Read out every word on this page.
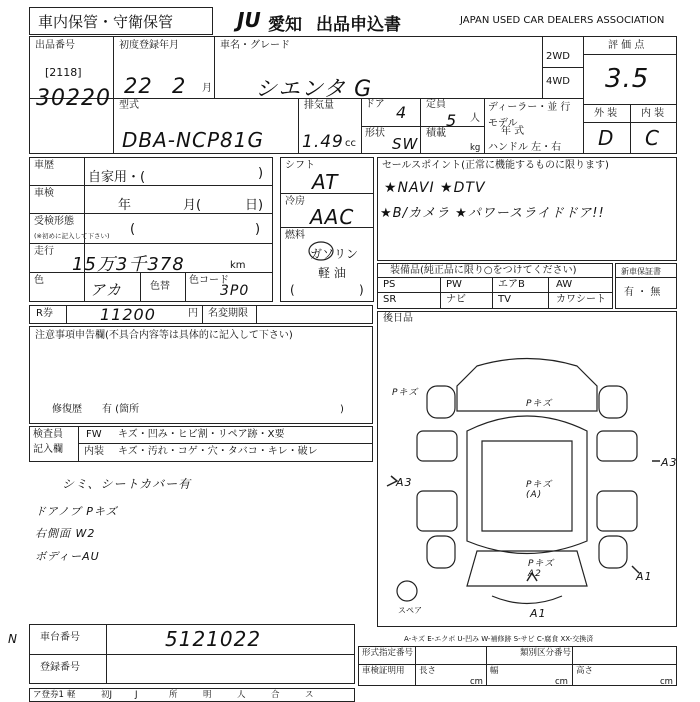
車内保管・守衛保管	JU 愛知 出品申込書	JAPAN USED CAR DEALERS ASSOCIATION
出品番号
[2118]
30220
初度登録年月
22 2 月
車名・グレード
シエンタ G
2WD
4WD
評 価 点
3.5
外 装 内 装
D C
型式
DBA-NCP81G
排気量
1.49 cc
ドア 4 定員
5 人
形状
SW
積載
kg
ディーラー・並 行
モデル
年 式
ハンドル 左・右
車歴
自家用・(	)
車検
年	月(	日)
受検形態
(※初めに記入して下さい) (	)
走行
15万3千378	km
色
アカ	色替
色コード
3P0
シフト
AT
冷房
AAC
燃料
ガソリン
軽 油
(	)
セールスポイント(正常に機能するものに限ります)
★NAVI ★DTV
★B/カメラ ★パワースライドドア!!
装備品(純正品に限り○をつけてください)
PS	PW	エアB	AW
SR	ナビ	TV	カワシート
新車保証書
有 ・ 無
R券	11200	円 名変期限	後日品
注意事項申告欄(不具合内容等は具体的に記入して下さい)
修復歴　　有 (箇所	)
検査員
記入欄
FW キズ・凹み・ヒビ割・リペア跡・X要
内装 キズ・汚れ・コゲ・穴・タバコ・キレ・破レ
シミ、シートカバー有
ドアノブ Pキズ
右側面 W2
ボディーAU
Pキズ
Pキズ
A3
A3
Pキズ (A)
Pキズ A2	A1
A1
スペア
A-キズ E-エクボ U-凹み W-補修跡 S-サビ C-腐食 XX-交換済
N 車台番号	5121022
登録番号
形式指定番号	類別区分番号
車検証明用 長さ	幅	高さ
cm	cm	cm
ア登券1 軽	初J	J	所	明	人	合	ス
